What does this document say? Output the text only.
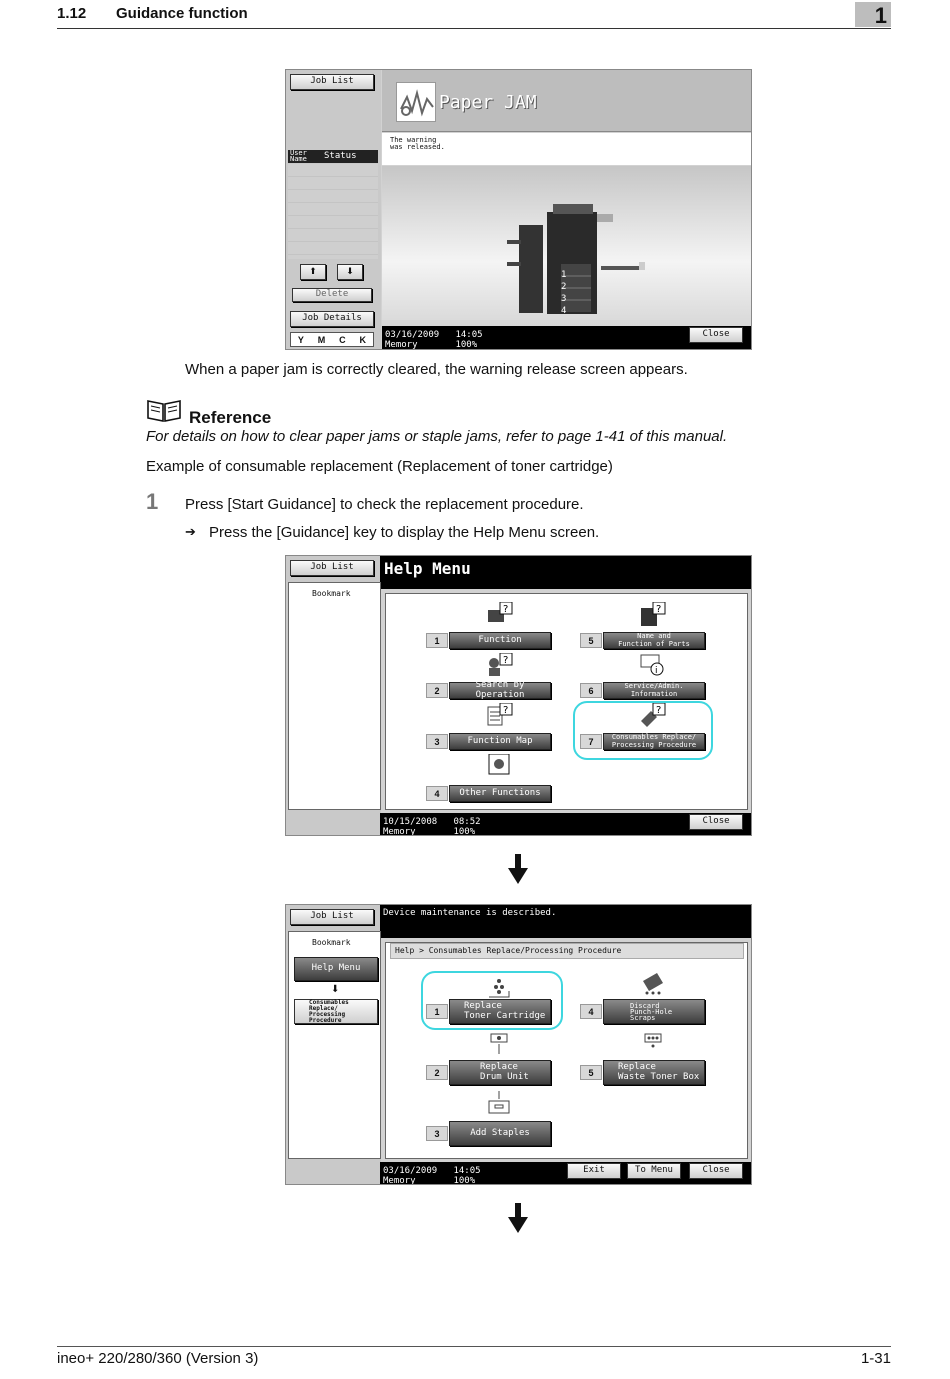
1.12 Guidance function	1
Job List
User
Name	Status
⬆	⬇
Delete
Job Details
Y M C K
Paper JAM
The warning
was released.
1
2
3
4
03/16/2009   14:05
Memory       100%
Close
When a paper jam is correctly cleared, the warning release screen appears.
Reference
For details on how to clear paper jams or staple jams, refer to page 1-41 of this manual.
Example of consumable replacement (Replacement of toner cartridge)
1 Press [Start Guidance] to check the replacement procedure.
➔ Press the [Guidance] key to display the Help Menu screen.
Help Menu
Job List
Bookmark
?
?
?
1	Function
2
Search by Operation
3	Function Map
4	Other Functions
?
i
?
5	Name and
Function of Parts
6	Service/Admin.
Information
7	Consumables Replace/
Processing Procedure
10/15/2008   08:52
Memory       100%
Close
Device maintenance is described.
Job List
Bookmark
Help Menu
⬇
Consumables
Replace/
Processing
Procedure
Help > Consumables Replace/Processing Procedure
1
Replace
Toner Cartridge
2
Replace
Drum Unit
3	Add Staples
4
Discard
Punch-Hole
Scraps
5
Replace
Waste Toner Box
03/16/2009   14:05
Memory       100%
Exit	To Menu	Close
ineo+ 220/280/360 (Version 3)	1-31
